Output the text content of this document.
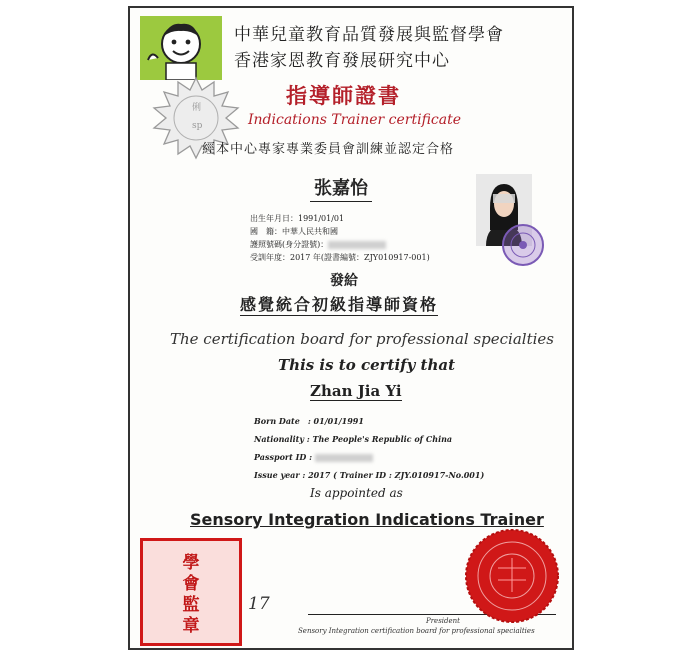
俐
sp
中華兒童教育品質發展與監督學會
香港家恩教育發展研究中心
指導師證書
Indications Trainer certificate
經本中心專家專業委員會訓練並認定合格
张嘉怡
出生年月日：1991/01/01
國　籍：中華人民共和國
護照號碼(身分證號)：
受訓年度：2017 年(證書編號：ZJY010917-001)
發給
感覺統合初級指導師資格
The certification board for professional specialties
This is to certify that
Zhan Jia Yi
Born Date　: 01/01/1991
Nationality : The People's Republic of China
Passport ID :
Issue year : 2017 ( Trainer ID : ZJY.010917-No.001)
Is appointed as
Sensory Integration Indications Trainer
學
會
監
章
17
President
Sensory Integration certification board for professional specialties
